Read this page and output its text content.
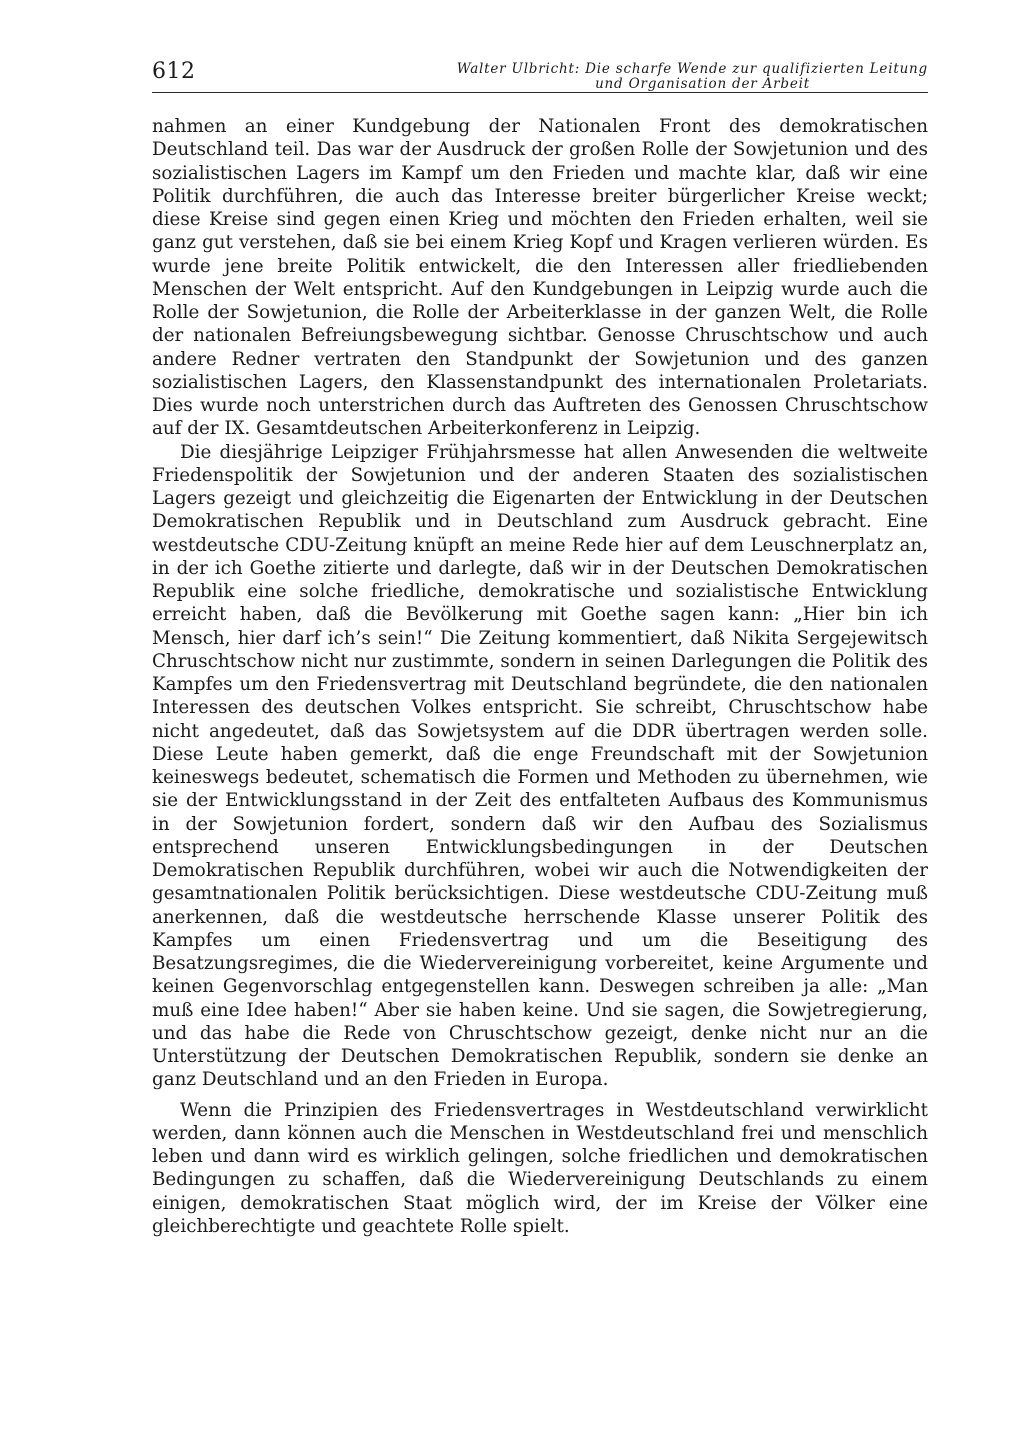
612	Walter Ulbricht: Die scharfe Wende zur qualifizierten Leitung
und Organisation der Arbeit

nahmen an einer Kundgebung der Nationalen Front des demokratischen Deutschland teil. Das war der Ausdruck der großen Rolle der Sowjetunion und des sozialistischen Lagers im Kampf um den Frieden und machte klar, daß wir eine Politik durchführen, die auch das Interesse breiter bürgerlicher Kreise weckt; diese Kreise sind gegen einen Krieg und möchten den Frieden erhalten, weil sie ganz gut verstehen, daß sie bei einem Krieg Kopf und Kragen verlieren würden. Es wurde jene breite Politik entwickelt, die den Interessen aller friedliebenden Menschen der Welt entspricht. Auf den Kundgebungen in Leipzig wurde auch die Rolle der Sowjetunion, die Rolle der Arbeiterklasse in der ganzen Welt, die Rolle der nationalen Befreiungsbewegung sichtbar. Genosse Chruschtschow und auch andere Redner vertraten den Standpunkt der Sowjetunion und des ganzen sozialistischen Lagers, den Klassenstandpunkt des internationalen Proletariats. Dies wurde noch unterstrichen durch das Auftreten des Genossen Chruschtschow auf der IX. Gesamtdeutschen Arbeiterkonferenz in Leipzig.

Die diesjährige Leipziger Frühjahrsmesse hat allen Anwesenden die weltweite Friedenspolitik der Sowjetunion und der anderen Staaten des sozialistischen Lagers gezeigt und gleichzeitig die Eigenarten der Entwicklung in der Deutschen Demokratischen Republik und in Deutschland zum Ausdruck gebracht. Eine westdeutsche CDU-Zeitung knüpft an meine Rede hier auf dem Leuschnerplatz an, in der ich Goethe zitierte und darlegte, daß wir in der Deutschen Demokratischen Republik eine solche friedliche, demokratische und sozialistische Entwicklung erreicht haben, daß die Bevölkerung mit Goethe sagen kann: „Hier bin ich Mensch, hier darf ich’s sein!“ Die Zeitung kommentiert, daß Nikita Sergejewitsch Chruschtschow nicht nur zustimmte, sondern in seinen Darlegungen die Politik des Kampfes um den Friedensvertrag mit Deutschland begründete, die den nationalen Interessen des deutschen Volkes entspricht. Sie schreibt, Chruschtschow habe nicht angedeutet, daß das Sowjetsystem auf die DDR übertragen werden solle. Diese Leute haben gemerkt, daß die enge Freundschaft mit der Sowjetunion keineswegs bedeutet, schematisch die Formen und Methoden zu übernehmen, wie sie der Entwicklungsstand in der Zeit des entfalteten Aufbaus des Kommunismus in der Sowjetunion fordert, sondern daß wir den Aufbau des Sozialismus entsprechend unseren Entwicklungsbedingungen in der Deutschen Demokratischen Republik durchführen, wobei wir auch die Notwendigkeiten der gesamtnationalen Politik berücksichtigen. Diese westdeutsche CDU-Zeitung muß anerkennen, daß die westdeutsche herrschende Klasse unserer Politik des Kampfes um einen Friedensvertrag und um die Beseitigung des Besatzungsregimes, die die Wiedervereinigung vorbereitet, keine Argumente und keinen Gegenvorschlag entgegenstellen kann. Deswegen schreiben ja alle: „Man muß eine Idee haben!“ Aber sie haben keine. Und sie sagen, die Sowjetregierung, und das habe die Rede von Chruschtschow gezeigt, denke nicht nur an die Unterstützung der Deutschen Demokratischen Republik, sondern sie denke an ganz Deutschland und an den Frieden in Europa.

Wenn die Prinzipien des Friedensvertrages in Westdeutschland verwirklicht werden, dann können auch die Menschen in Westdeutschland frei und menschlich leben und dann wird es wirklich gelingen, solche friedlichen und demokratischen Bedingungen zu schaffen, daß die Wiedervereinigung Deutschlands zu einem einigen, demokratischen Staat möglich wird, der im Kreise der Völker eine gleichberechtigte und geachtete Rolle spielt.
